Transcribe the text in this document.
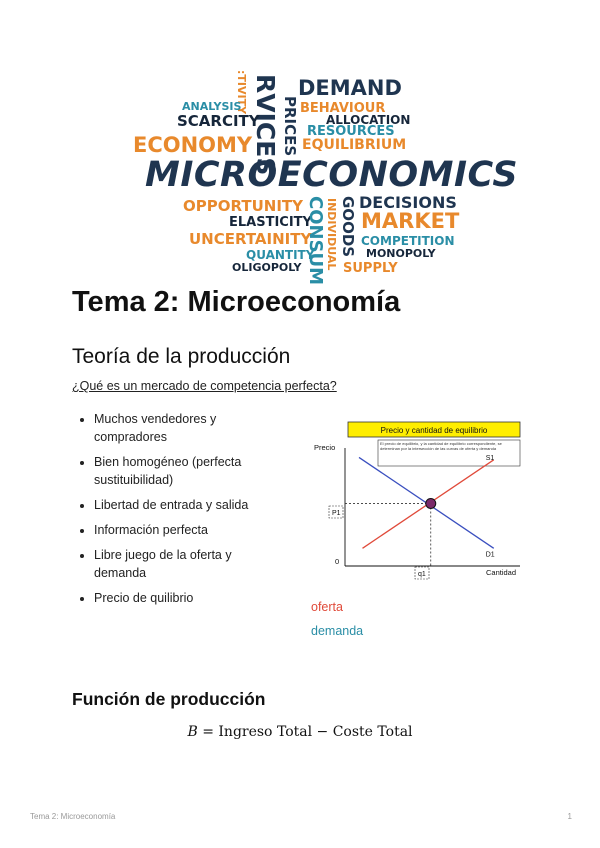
RVICES
:TIVITY
PRICES
DEMAND
ANALYSIS
SCARCITY
ECONOMY
BEHAVIOUR
ALLOCATION
RESOURCES
EQUILIBRIUM
MICROECONOMICS
OPPORTUNITY
ELASTICITY
UNCERTAINITY
QUANTITY
OLIGOPOLY CONSUM INDIVIDUAL GOODS DECISIONS
MARKET
COMPETITION
MONOPOLY
SUPPLY
Tema 2: Microeconomía
Teoría de la producción
¿Qué es un mercado de competencia perfecta?
• Muchos vendedores y compradores
• Bien homogéneo (perfecta sustituibilidad)
• Libertad de entrada y salida
• Información perfecta
• Libre juego de la oferta y demanda
• Precio de quilibrio
Precio y cantidad de equilibrio
El precio de equilibrio, y la cantidad de equilibrio correspondiente, se determinan por la intersección de las curvas de oferta y demanda
Precio
Cantidad
0
S1
D1
P1
q1
oferta
demanda
Función de producción
B = Ingreso Total − Coste Total
Tema 2: Microeconomía	1
